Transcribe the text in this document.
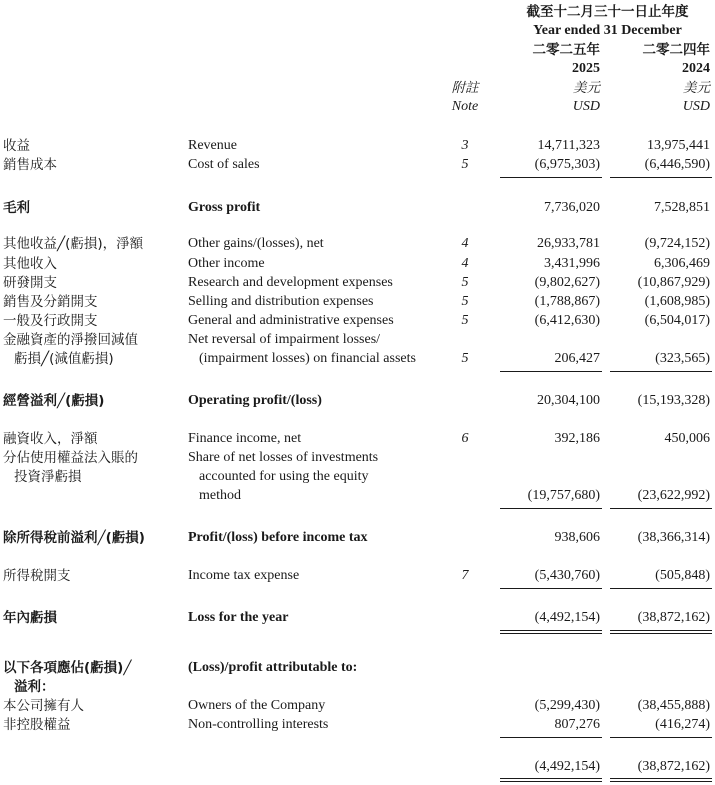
截至十二月三十一日止年度
Year ended 31 December
二零二五年	二零二四年
2025	2024
美元	美元
USD	USD
附註
Note
收益	Revenue	3	14,711,323	13,975,441
銷售成本	Cost of sales	5	(6,975,303)	(6,446,590)
毛利	Gross profit	7,736,020	7,528,851
其他收益╱(虧損)，淨額	Other gains/(losses), net	4	26,933,781	(9,724,152)
其他收入	Other income	4	3,431,996	6,306,469
研發開支	Research and development expenses	5	(9,802,627)	(10,867,929)
銷售及分銷開支	Selling and distribution expenses	5	(1,788,867)	(1,608,985)
一般及行政開支	General and administrative expenses	5	(6,412,630)	(6,504,017)
金融資產的淨撥回減值
虧損╱(減值虧損)
Net reversal of impairment losses/
(impairment losses) on financial assets	5	206,427	(323,565)
經營溢利╱(虧損)	Operating profit/(loss)	20,304,100	(15,193,328)
融資收入，淨額	Finance income, net	6	392,186	450,006
分佔使用權益法入賬的
投資淨虧損
Share of net losses of investments
accounted for using the equity
method	(19,757,680)	(23,622,992)
除所得稅前溢利╱(虧損)	Profit/(loss) before income tax	938,606	(38,366,314)
所得稅開支	Income tax expense	7	(5,430,760)	(505,848)
年內虧損	Loss for the year	(4,492,154)	(38,872,162)
以下各項應佔(虧損)╱
溢利：
(Loss)/profit attributable to:
本公司擁有人	Owners of the Company	(5,299,430)	(38,455,888)
非控股權益	Non-controlling interests	807,276	(416,274)
(4,492,154)	(38,872,162)
